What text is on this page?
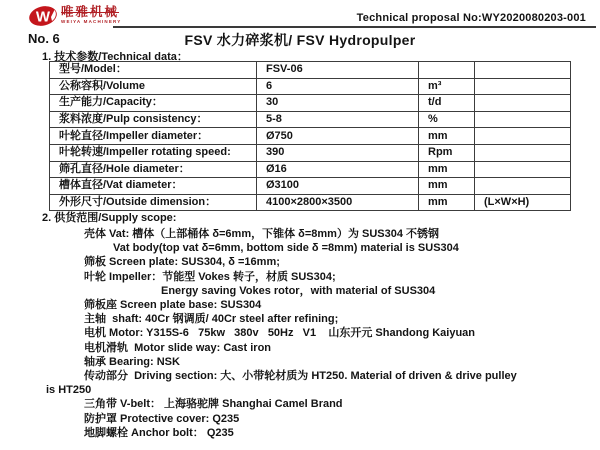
W 唯雅机械
WEIYA MACHINERY	Technical proposal No:WY2020080203-001
No. 6	FSV 水力碎浆机/ FSV Hydropulper
1. 技术参数/Technical data：
型号/Model：	FSV-06		
公称容积/Volume	6	m³	
生产能力/Capacity：	30	t/d	
浆料浓度/Pulp consistency：	5-8	%	
叶轮直径/Impeller diameter：	Ø750	mm	
叶轮转速/Impeller rotating speed:	390	Rpm	
筛孔直径/Hole diameter：	Ø16	mm	
槽体直径/Vat diameter：	Ø3100	mm	
外形尺寸/Outside dimension：	4100×2800×3500	mm	(L×W×H)
2. 供货范围/Supply scope:
壳体 Vat: 槽体（上部桶体 δ=6mm，下锥体 δ=8mm）为 SUS304 不锈钢
Vat body(top vat δ=6mm, bottom side δ =8mm) material is SUS304
筛板 Screen plate: SUS304, δ =16mm;
叶轮 Impeller：节能型 Vokes 转子，材质 SUS304;
Energy saving Vokes rotor，with material of SUS304
筛板座 Screen plate base: SUS304
主轴  shaft: 40Cr 钢调质/ 40Cr steel after refining;
电机 Motor: Y315S-6   75kw   380v   50Hz   V1    山东开元 Shandong Kaiyuan
电机滑轨  Motor slide way: Cast iron
轴承 Bearing: NSK
传动部分  Driving section: 大、小带轮材质为 HT250. Material of driven & drive pulley
is HT250
三角带 V-belt： 上海骆驼牌 Shanghai Camel Brand
防护罩 Protective cover: Q235
地脚螺栓 Anchor bolt： Q235
